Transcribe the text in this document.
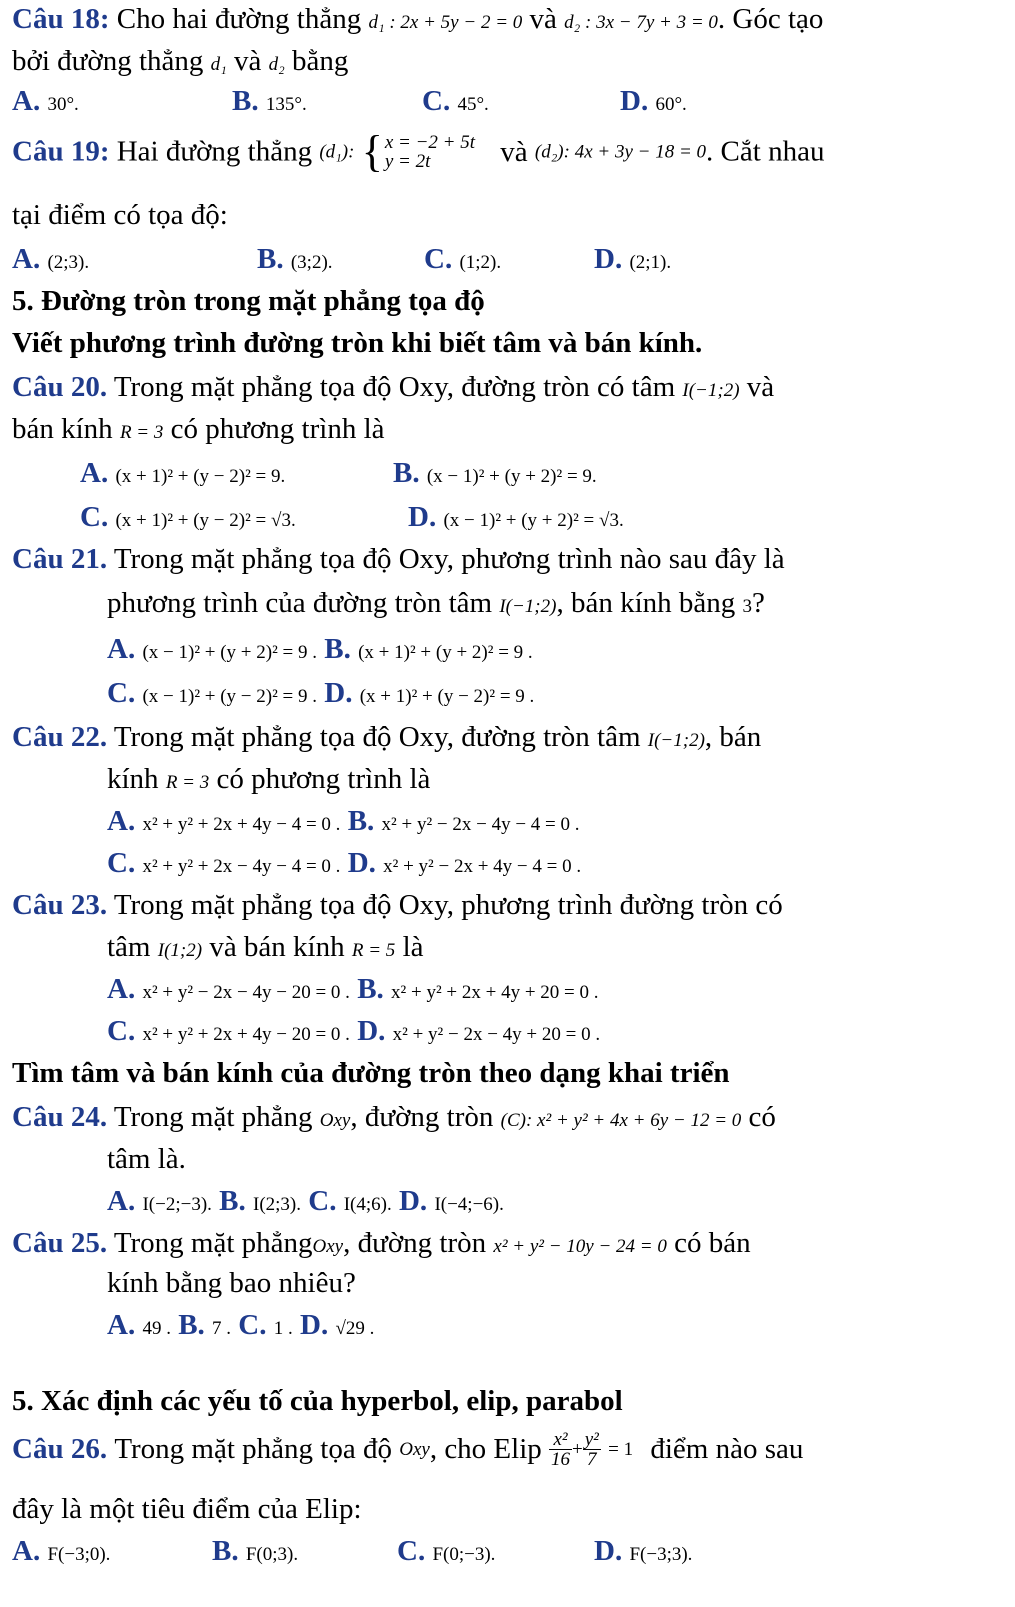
Câu 18: Cho hai đường thẳng d₁ : 2x + 5y − 2 = 0 và d₂ : 3x − 7y + 3 = 0. Góc tạo
bởi đường thẳng d₁ và d₂ bằng
A. 30°.	B. 135°.	C. 45°.	D. 60°.
Câu 19: Hai đường thẳng (d₁): { x = −2 + 5t
y = 2t	và (d₂): 4x + 3y − 18 = 0. Cắt nhau
tại điểm có tọa độ:
A. (2;3).	B. (3;2).	C. (1;2).	D. (2;1).
5. Đường tròn trong mặt phẳng tọa độ
Viết phương trình đường tròn khi biết tâm và bán kính.
Câu 20. Trong mặt phẳng tọa độ Oxy, đường tròn có tâm I(−1;2) và
bán kính R = 3 có phương trình là
A. (x + 1)² + (y − 2)² = 9.	B. (x − 1)² + (y + 2)² = 9.
C. (x + 1)² + (y − 2)² = √3.	D. (x − 1)² + (y + 2)² = √3.
Câu 21. Trong mặt phẳng tọa độ Oxy, phương trình nào sau đây là
phương trình của đường tròn tâm I(−1;2), bán kính bằng 3?
A. (x − 1)² + (y + 2)² = 9 . B. (x + 1)² + (y + 2)² = 9 .
C. (x − 1)² + (y − 2)² = 9 . D. (x + 1)² + (y − 2)² = 9 .
Câu 22. Trong mặt phẳng tọa độ Oxy, đường tròn tâm I(−1;2), bán
kính R = 3 có phương trình là
A. x² + y² + 2x + 4y − 4 = 0 . B. x² + y² − 2x − 4y − 4 = 0 .
C. x² + y² + 2x − 4y − 4 = 0 . D. x² + y² − 2x + 4y − 4 = 0 .
Câu 23. Trong mặt phẳng tọa độ Oxy, phương trình đường tròn có
tâm I(1;2) và bán kính R = 5 là
A. x² + y² − 2x − 4y − 20 = 0 . B. x² + y² + 2x + 4y + 20 = 0 .
C. x² + y² + 2x + 4y − 20 = 0 . D. x² + y² − 2x − 4y + 20 = 0 .
Tìm tâm và bán kính của đường tròn theo dạng khai triển
Câu 24. Trong mặt phẳng Oxy, đường tròn (C): x² + y² + 4x + 6y − 12 = 0 có
tâm là.
A. I(−2;−3). B. I(2;3). C. I(4;6). D. I(−4;−6).
Câu 25. Trong mặt phẳngOxy, đường tròn x² + y² − 10y − 24 = 0 có bán
kính bằng bao nhiêu?
A. 49 . B. 7 . C. 1 . D. √29 .
5. Xác định các yếu tố của hyperbol, elip, parabol
Câu 26. Trong mặt phẳng tọa độ Oxy, cho Elip $\frac{\text{x²}}{16} + \frac{\text{y²}}{7} = 1$ điểm nào sau
đây là một tiêu điểm của Elip:
A. F(−3;0).	B. F(0;3).	C. F(0;−3).	D. F(−3;3).
